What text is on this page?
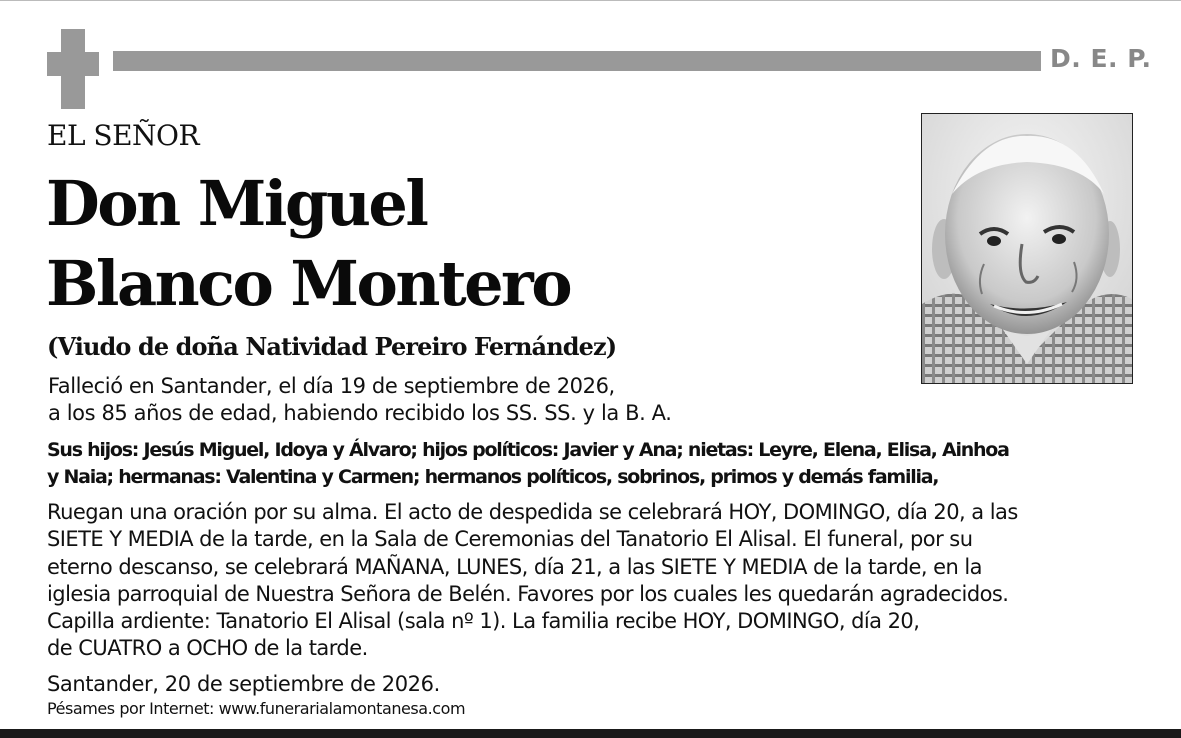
D. E. P.
EL SEÑOR
Don Miguel
Blanco Montero
(Viudo de doña Natividad Pereiro Fernández)
Falleció en Santander, el día 19 de septiembre de 2026,
a los 85 años de edad, habiendo recibido los SS. SS. y la B. A.
Sus hijos: Jesús Miguel, Idoya y Álvaro; hijos políticos: Javier y Ana; nietas: Leyre, Elena, Elisa, Ainhoa
y Naia; hermanas: Valentina y Carmen; hermanos políticos, sobrinos, primos y demás familia,
Ruegan una oración por su alma. El acto de despedida se celebrará HOY, DOMINGO, día 20, a las
SIETE Y MEDIA de la tarde, en la Sala de Ceremonias del Tanatorio El Alisal. El funeral, por su
eterno descanso, se celebrará MAÑANA, LUNES, día 21, a las SIETE Y MEDIA de la tarde, en la
iglesia parroquial de Nuestra Señora de Belén. Favores por los cuales les quedarán agradecidos.
Capilla ardiente: Tanatorio El Alisal (sala nº 1). La familia recibe HOY, DOMINGO, día 20,
de CUATRO a OCHO de la tarde.
Santander, 20 de septiembre de 2026.
Pésames por Internet: www.funerarialamontanesa.com
